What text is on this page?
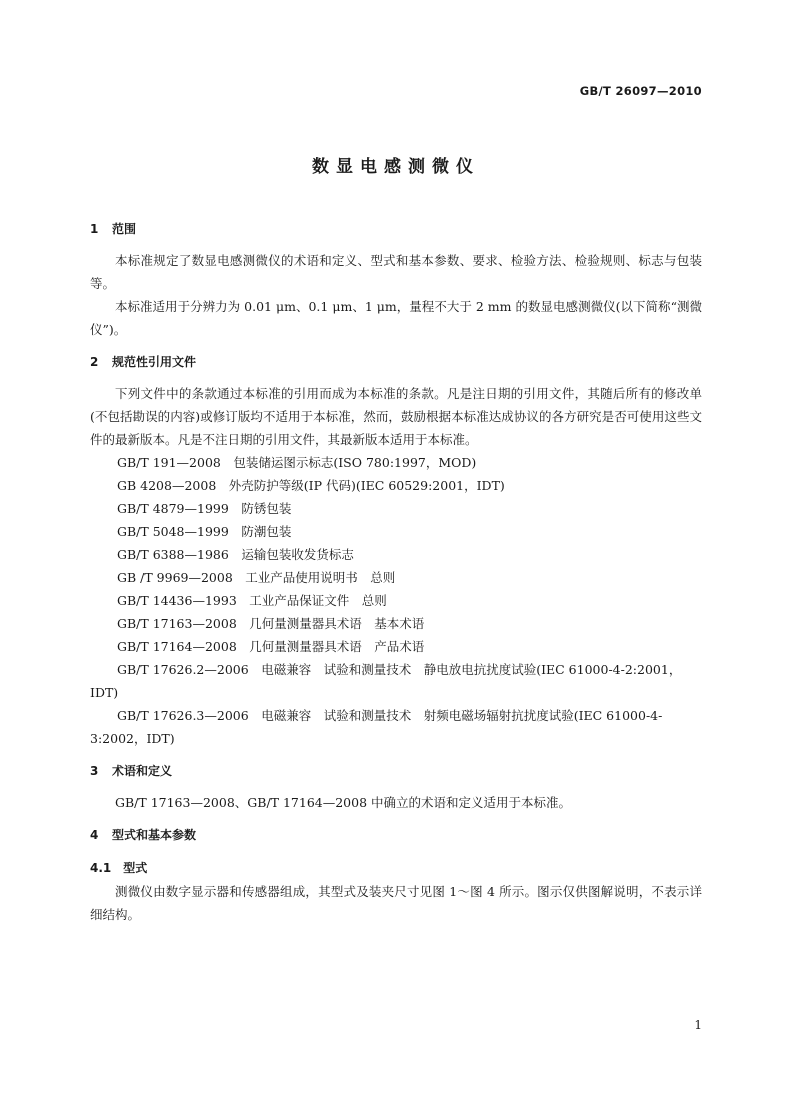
GB/T 26097—2010
数显电感测微仪
1 范围

本标准规定了数显电感测微仪的术语和定义、型式和基本参数、要求、检验方法、检验规则、标志与包装等。

本标准适用于分辨力为 0.01 μm、0.1 μm、1 μm，量程不大于 2 mm 的数显电感测微仪(以下简称“测微仪”)。

2 规范性引用文件

下列文件中的条款通过本标准的引用而成为本标准的条款。凡是注日期的引用文件，其随后所有的修改单(不包括勘误的内容)或修订版均不适用于本标准，然而，鼓励根据本标准达成协议的各方研究是否可使用这些文件的最新版本。凡是不注日期的引用文件，其最新版本适用于本标准。

GB/T 191—2008　包装储运图示标志(ISO 780:1997，MOD)

GB 4208—2008　外壳防护等级(IP 代码)(IEC 60529:2001，IDT)

GB/T 4879—1999　防锈包装

GB/T 5048—1999　防潮包装

GB/T 6388—1986　运输包装收发货标志

GB /T 9969—2008　工业产品使用说明书　总则

GB/T 14436—1993　工业产品保证文件　总则

GB/T 17163—2008　几何量测量器具术语　基本术语

GB/T 17164—2008　几何量测量器具术语　产品术语

GB/T 17626.2—2006　电磁兼容　试验和测量技术　静电放电抗扰度试验(IEC 61000-4-2:2001，IDT)

GB/T 17626.3—2006　电磁兼容　试验和测量技术　射频电磁场辐射抗扰度试验(IEC 61000-4-3:2002，IDT)

3 术语和定义

GB/T 17163—2008、GB/T 17164—2008 中确立的术语和定义适用于本标准。

4 型式和基本参数
4.1 型式

测微仪由数字显示器和传感器组成，其型式及装夹尺寸见图 1～图 4 所示。图示仅供图解说明，不表示详细结构。

1
